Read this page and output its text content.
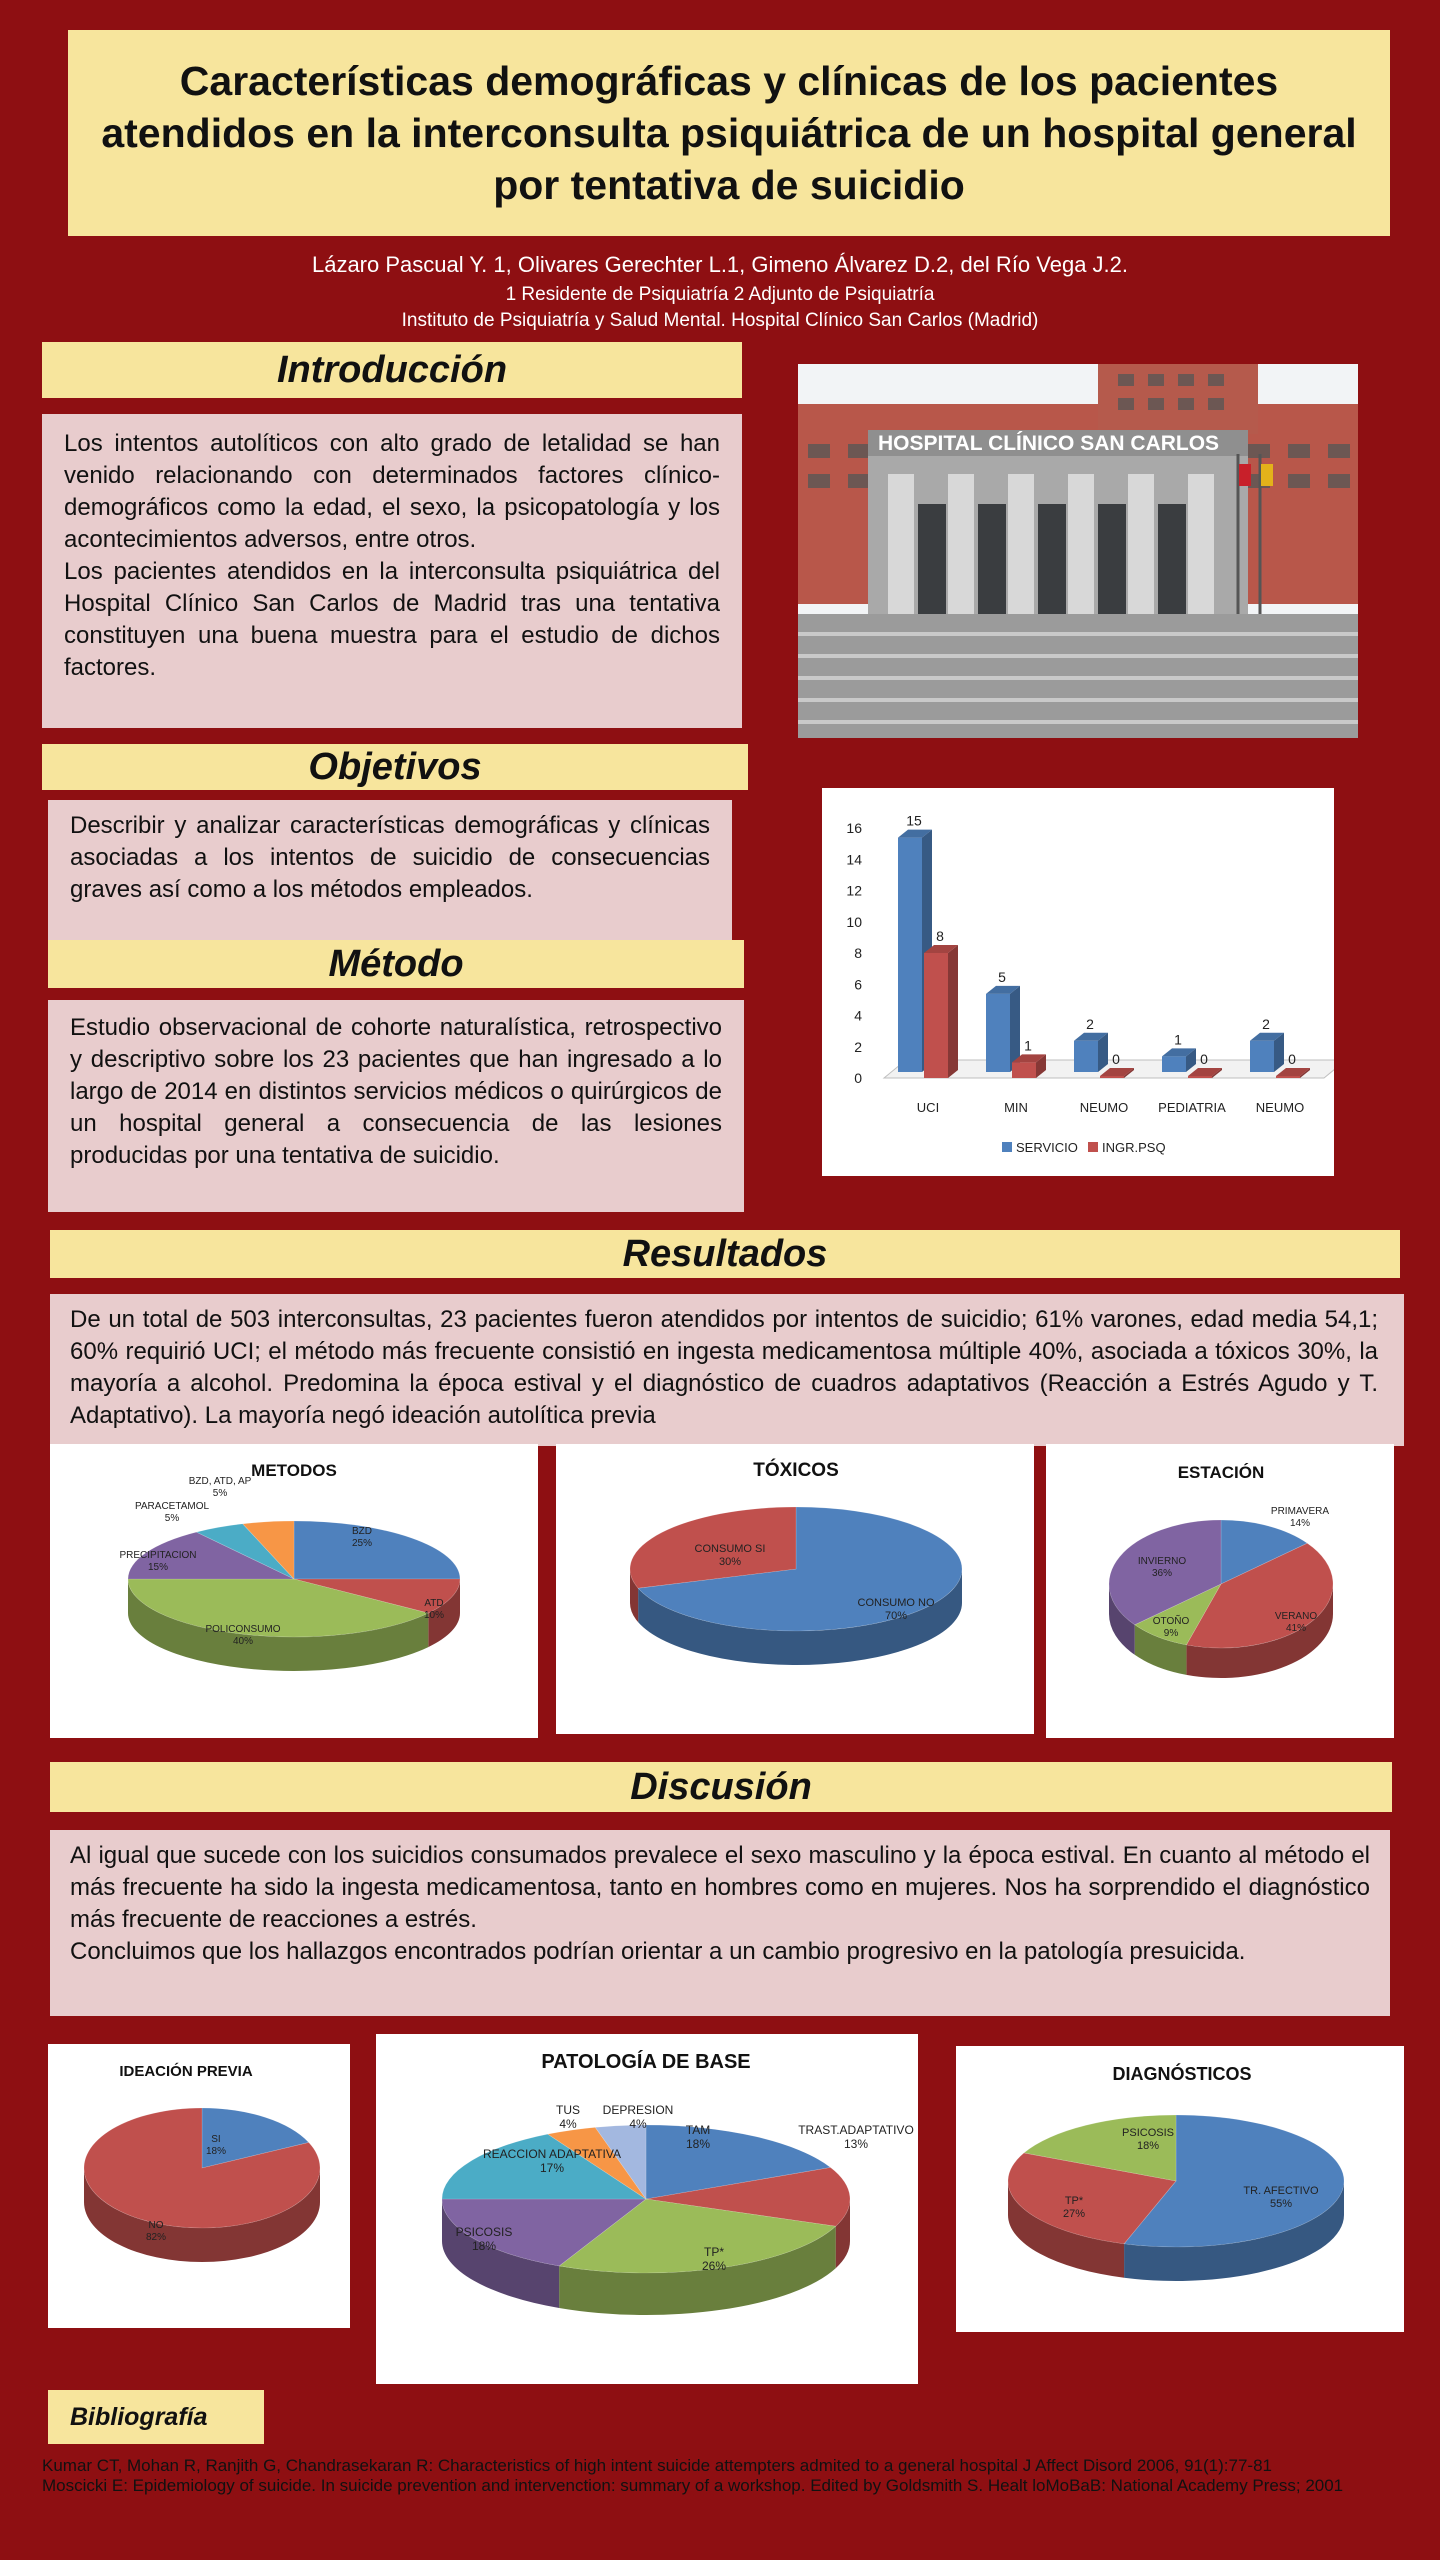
Características demográficas y clínicas de los pacientes atendidos en la interconsulta psiquiátrica de un hospital general por tentativa de suicidio
Lázaro Pascual Y. 1, Olivares Gerechter L.1, Gimeno Álvarez D.2, del Río Vega J.2.
1 Residente de Psiquiatría 2 Adjunto de Psiquiatría
Instituto de Psiquiatría y Salud Mental. Hospital Clínico San Carlos (Madrid)
Introducción
Los intentos autolíticos con alto grado de letalidad se han venido relacionando con determinados factores clínico-demográficos como la edad, el sexo, la psicopatología y los acontecimientos adversos, entre otros.
Los pacientes atendidos en la interconsulta psiquiátrica del Hospital Clínico San Carlos de Madrid tras una tentativa constituyen una buena muestra para el estudio de dichos factores.
HOSPITAL CLÍNICO SAN CARLOS
Objetivos
Describir y analizar características demográficas y clínicas asociadas a los intentos de suicidio de consecuencias graves así como a los métodos empleados.
Método
Estudio observacional de cohorte naturalística, retrospectivo y descriptivo sobre los 23 pacientes que han ingresado a lo largo de 2014 en distintos servicios médicos o quirúrgicos de un hospital general a consecuencia de las lesiones producidas por una tentativa de suicidio.
0
2
4
6
8
10
12
14
16	15
8
UCI
5
1
MIN
2
0
NEUMO
1
0
PEDIATRIA
2
0
NEUMO
SERVICIO INGR.PSQ
Resultados
De un total de 503 interconsultas, 23 pacientes fueron atendidos por intentos de suicidio; 61% varones, edad media 54,1; 60% requirió UCI; el método más frecuente consistió en ingesta medicamentosa múltiple 40%, asociada a tóxicos 30%, la mayoría a alcohol. Predomina la época estival y el diagnóstico de cuadros adaptativos (Reacción a Estrés Agudo y T. Adaptativo). La mayoría negó ideación autolítica previa
METODOS
BZD
25%
ATD
10%
POLICONSUMO
40%
PRECIPITACION
15%
PARACETAMOL
5%
BZD, ATD, AP
5%
TÓXICOS
CONSUMO NO
70%
CONSUMO SI
30%
ESTACIÓN
PRIMAVERA
14%
VERANO
41%
OTOÑO
9%
INVIERNO
36%
Discusión
Al igual que sucede con los suicidios consumados prevalece el sexo masculino y la época estival. En cuanto al método el más frecuente ha sido la ingesta medicamentosa, tanto en hombres como en mujeres. Nos ha sorprendido el diagnóstico más frecuente de reacciones a estrés.
Concluimos que los hallazgos encontrados podrían orientar a un cambio progresivo en la patología presuicida.
IDEACIÓN PREVIA
SI
18%
NO
82%
PATOLOGÍA DE BASE
TAM
18%
TRAST.ADAPTATIVO
13%
TP*
26%
PSICOSIS
18%
REACCION ADAPTATIVA
17%
TUS
4%
DEPRESION
4%
DIAGNÓSTICOS
TR. AFECTIVO
55%
TP*
27%
PSICOSIS
18%
Bibliografía
Kumar CT, Mohan R, Ranjith G, Chandrasekaran R: Characteristics of high intent suicide attempters admited to a general hospital J Affect Disord 2006, 91(1):77-81
Moscicki E: Epidemiology of suicide. In suicide prevention and intervenction: summary of a workshop. Edited by Goldsmith S. Healt loMoBaB: National Academy Press; 2001
